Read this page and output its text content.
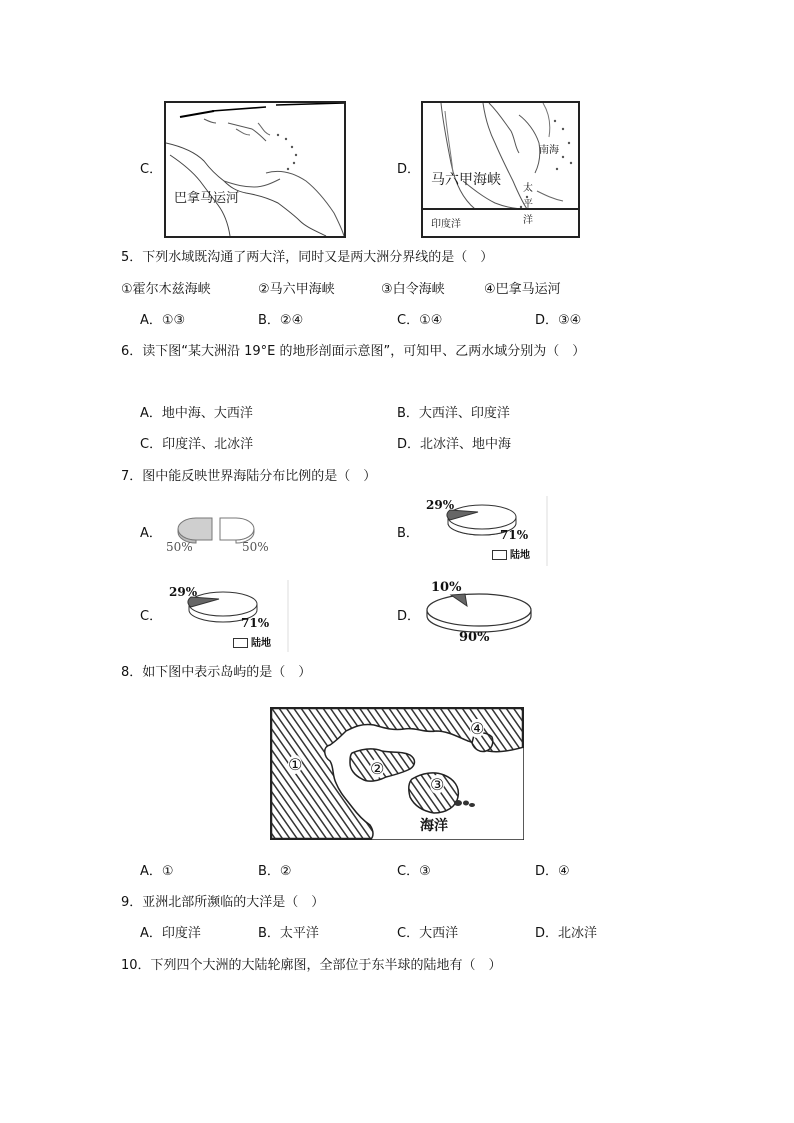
C．
巴拿马运河
D．
南海
马六甲海峡
太
平
洋
印度洋
5．下列水域既沟通了两大洋，同时又是两大洲分界线的是（　）
①霍尔木兹海峡	②马六甲海峡	③白令海峡	④巴拿马运河
A．①③	B．②④	C．①④	D．③④
6．读下图“某大洲沿 19°E 的地形剖面示意图”，可知甲、乙两水域分别为（　）
A．地中海、大西洋	B．大西洋、印度洋
C．印度洋、北冰洋	D．北冰洋、地中海
7．图中能反映世界海陆分布比例的是（　）
A．
50%	50%
B．
29%
71%
陆地
C．
29%
71%
陆地
D．
10%
90%
8．如下图中表示岛屿的是（　）
①	②
③
④
海洋
A．①	B．②	C．③	D．④
9．亚洲北部所濒临的大洋是（　）
A．印度洋	B．太平洋	C．大西洋	D．北冰洋
10．下列四个大洲的大陆轮廓图，全部位于东半球的陆地有（　）
